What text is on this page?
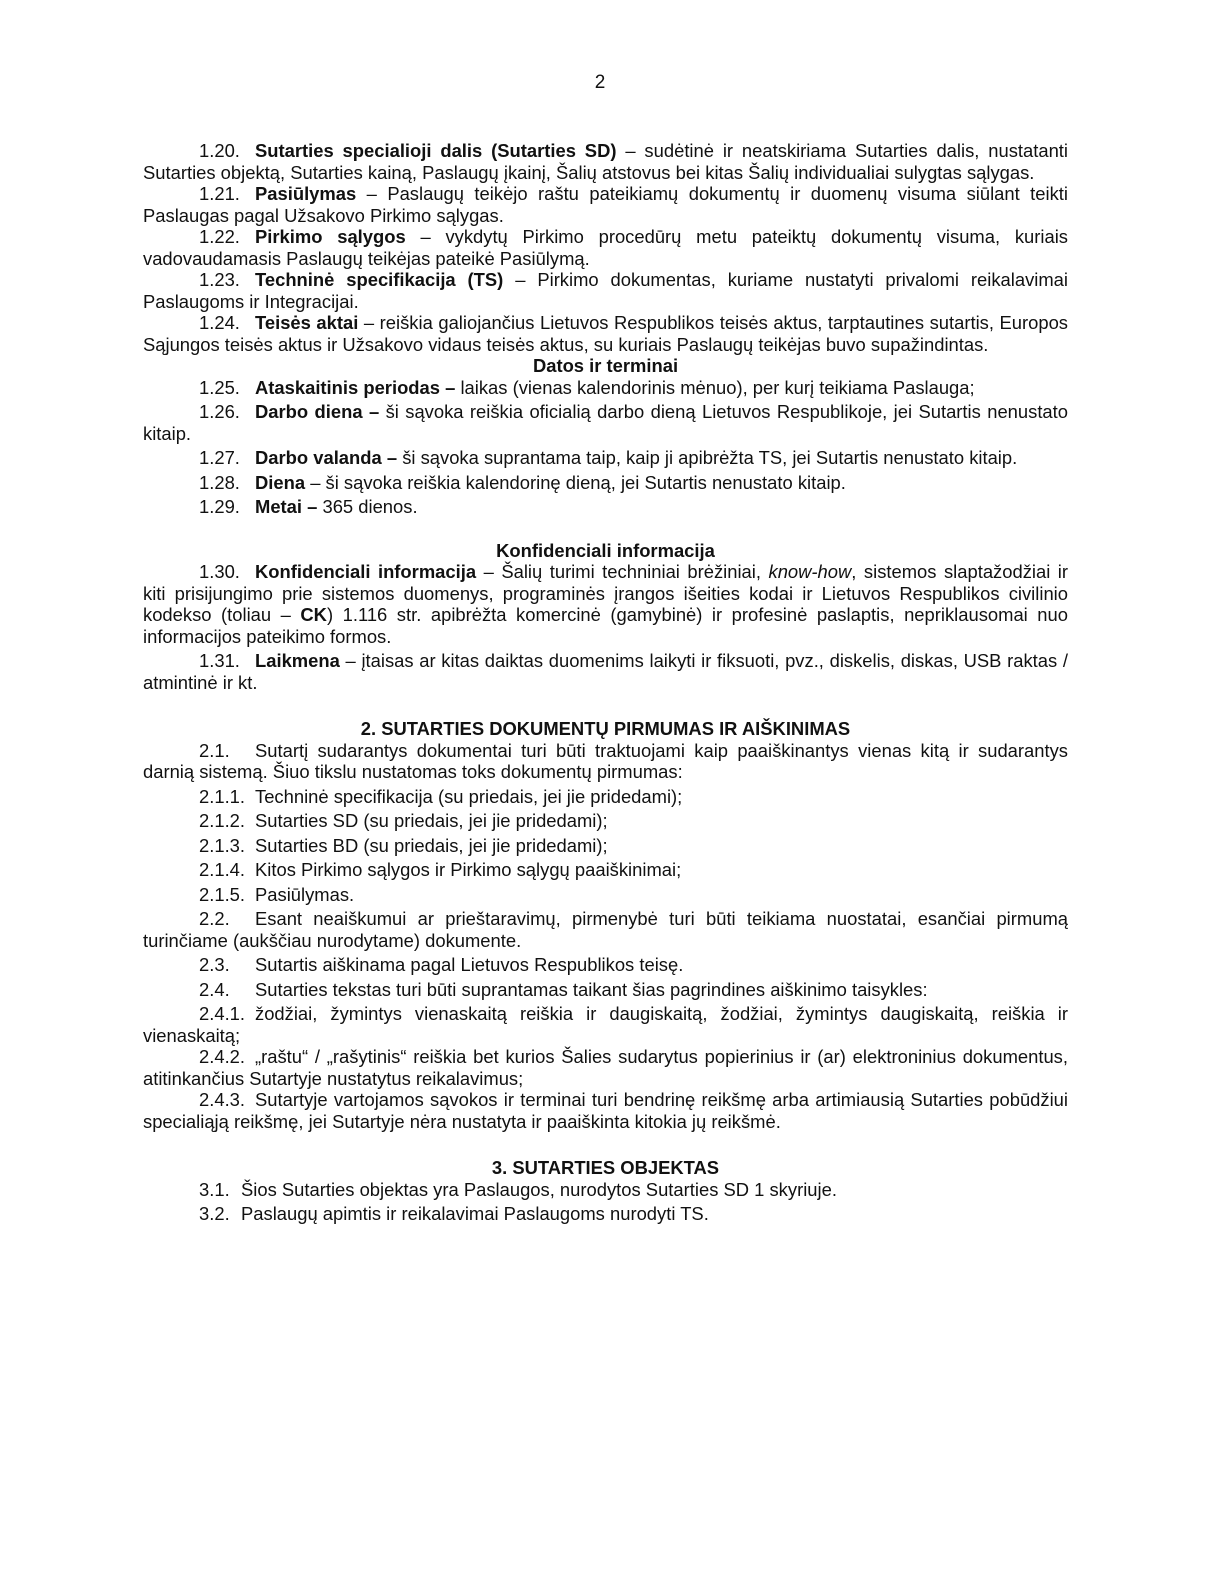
2

1.20. Sutarties specialioji dalis (Sutarties SD) – sudėtinė ir neatskiriama Sutarties dalis, nustatanti Sutarties objektą, Sutarties kainą, Paslaugų įkainį, Šalių atstovus bei kitas Šalių individualiai sulygtas sąlygas.

1.21. Pasiūlymas – Paslaugų teikėjo raštu pateikiamų dokumentų ir duomenų visuma siūlant teikti Paslaugas pagal Užsakovo Pirkimo sąlygas.

1.22. Pirkimo sąlygos – vykdytų Pirkimo procedūrų metu pateiktų dokumentų visuma, kuriais vadovaudamasis Paslaugų teikėjas pateikė Pasiūlymą.

1.23. Techninė specifikacija (TS) – Pirkimo dokumentas, kuriame nustatyti privalomi reikalavimai Paslaugoms ir Integracijai.

1.24. Teisės aktai – reiškia galiojančius Lietuvos Respublikos teisės aktus, tarptautines sutartis, Europos Sąjungos teisės aktus ir Užsakovo vidaus teisės aktus, su kuriais Paslaugų teikėjas buvo supažindintas.

Datos ir terminai

1.25. Ataskaitinis periodas – laikas (vienas kalendorinis mėnuo), per kurį teikiama Paslauga;

1.26. Darbo diena – ši sąvoka reiškia oficialią darbo dieną Lietuvos Respublikoje, jei Sutartis nenustato kitaip.

1.27. Darbo valanda – ši sąvoka suprantama taip, kaip ji apibrėžta TS, jei Sutartis nenustato kitaip.

1.28. Diena – ši sąvoka reiškia kalendorinę dieną, jei Sutartis nenustato kitaip.

1.29. Metai – 365 dienos.

Konfidenciali informacija

1.30. Konfidenciali informacija – Šalių turimi techniniai brėžiniai, know-how, sistemos slaptažodžiai ir kiti prisijungimo prie sistemos duomenys, programinės įrangos išeities kodai ir Lietuvos Respublikos civilinio kodekso (toliau – CK) 1.116 str. apibrėžta komercinė (gamybinė) ir profesinė paslaptis, nepriklausomai nuo informacijos pateikimo formos.

1.31. Laikmena – įtaisas ar kitas daiktas duomenims laikyti ir fiksuoti, pvz., diskelis, diskas, USB raktas / atmintinė ir kt.

2. SUTARTIES DOKUMENTŲ PIRMUMAS IR AIŠKINIMAS

2.1. Sutartį sudarantys dokumentai turi būti traktuojami kaip paaiškinantys vienas kitą ir sudarantys darnią sistemą. Šiuo tikslu nustatomas toks dokumentų pirmumas:

2.1.1. Techninė specifikacija (su priedais, jei jie pridedami);

2.1.2. Sutarties SD (su priedais, jei jie pridedami);

2.1.3. Sutarties BD (su priedais, jei jie pridedami);

2.1.4. Kitos Pirkimo sąlygos ir Pirkimo sąlygų paaiškinimai;

2.1.5. Pasiūlymas.

2.2. Esant neaiškumui ar prieštaravimų, pirmenybė turi būti teikiama nuostatai, esančiai pirmumą turinčiame (aukščiau nurodytame) dokumente.

2.3. Sutartis aiškinama pagal Lietuvos Respublikos teisę.

2.4. Sutarties tekstas turi būti suprantamas taikant šias pagrindines aiškinimo taisykles:

2.4.1. žodžiai, žymintys vienaskaitą reiškia ir daugiskaitą, žodžiai, žymintys daugiskaitą, reiškia ir vienaskaitą;

2.4.2. „raštu“ / „rašytinis“ reiškia bet kurios Šalies sudarytus popierinius ir (ar) elektroninius dokumentus, atitinkančius Sutartyje nustatytus reikalavimus;

2.4.3. Sutartyje vartojamos sąvokos ir terminai turi bendrinę reikšmę arba artimiausią Sutarties pobūdžiui specialiąją reikšmę, jei Sutartyje nėra nustatyta ir paaiškinta kitokia jų reikšmė.

3. SUTARTIES OBJEKTAS

3.1. Šios Sutarties objektas yra Paslaugos, nurodytos Sutarties SD 1 skyriuje.

3.2. Paslaugų apimtis ir reikalavimai Paslaugoms nurodyti TS.
